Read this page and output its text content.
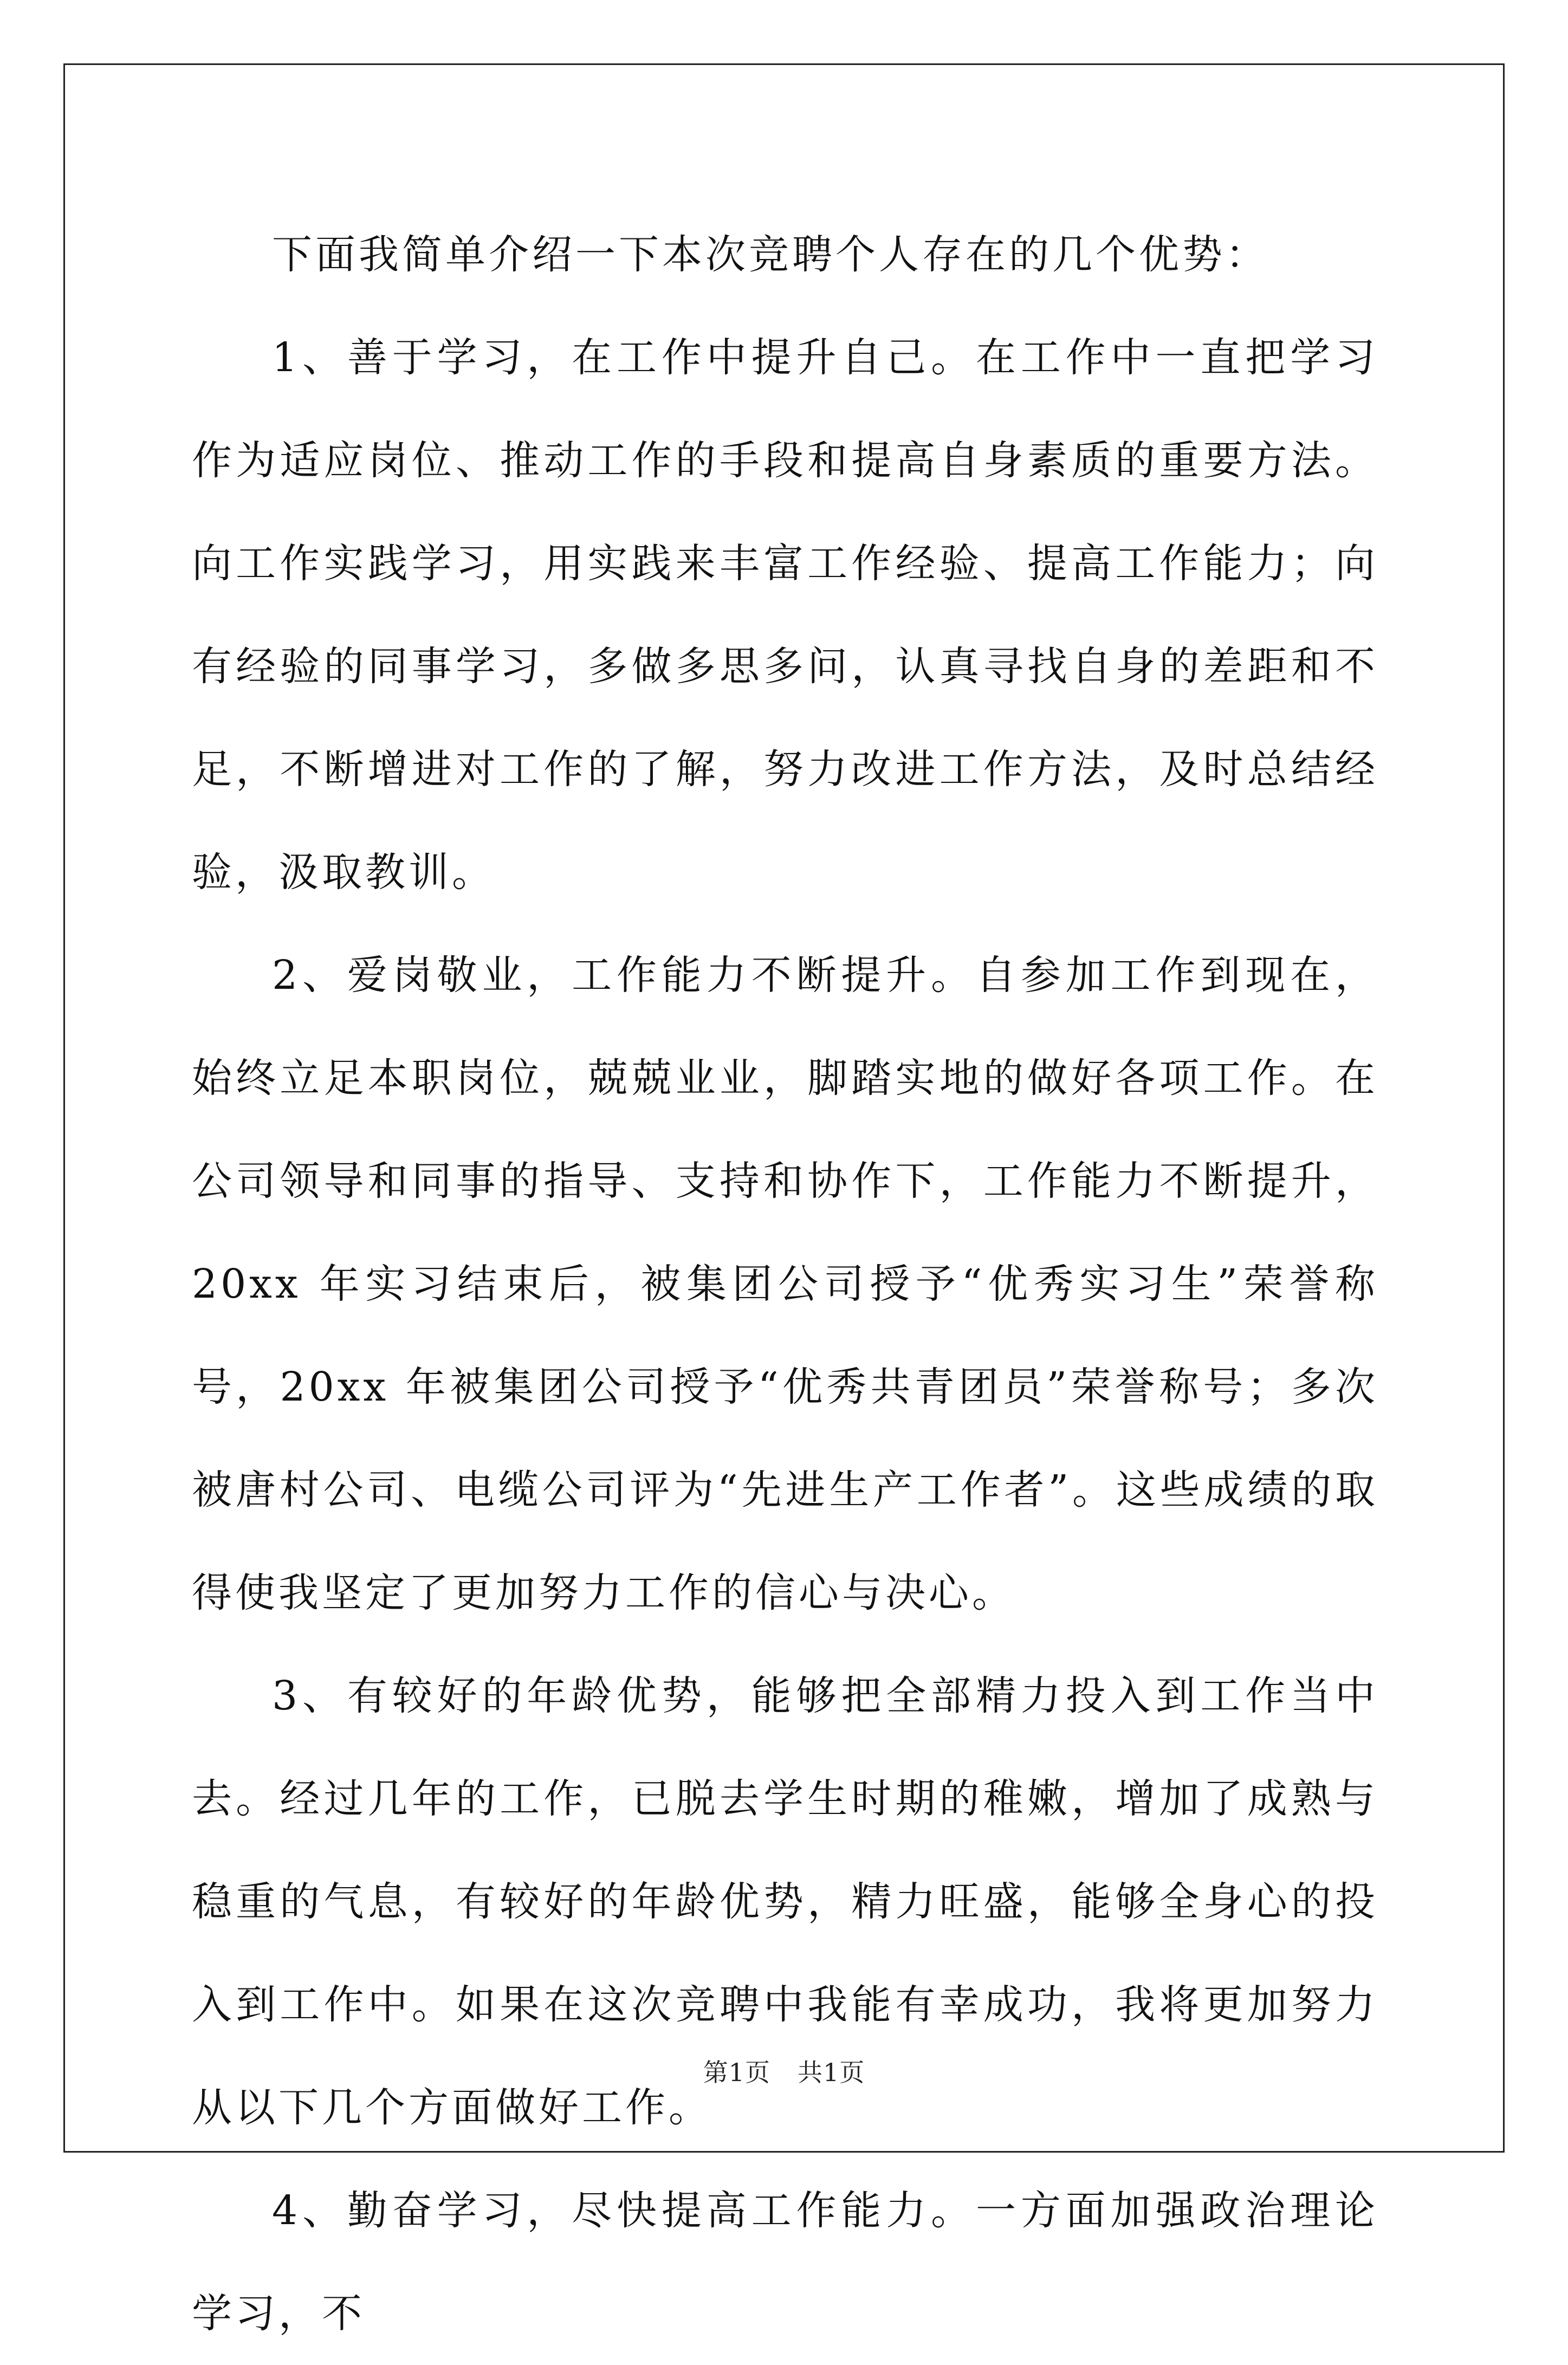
下面我简单介绍一下本次竞聘个人存在的几个优势：

1、善于学习，在工作中提升自己。在工作中一直把学习作为适应岗位、推动工作的手段和提高自身素质的重要方法。向工作实践学习，用实践来丰富工作经验、提高工作能力；向有经验的同事学习，多做多思多问，认真寻找自身的差距和不足，不断增进对工作的了解，努力改进工作方法，及时总结经验，汲取教训。

2、爱岗敬业，工作能力不断提升。自参加工作到现在，始终立足本职岗位，兢兢业业，脚踏实地的做好各项工作。在公司领导和同事的指导、支持和协作下，工作能力不断提升，20xx 年实习结束后，被集团公司授予“优秀实习生”荣誉称号，20xx 年被集团公司授予“优秀共青团员”荣誉称号；多次被唐村公司、电缆公司评为“先进生产工作者”。这些成绩的取得使我坚定了更加努力工作的信心与决心。

3、有较好的年龄优势，能够把全部精力投入到工作当中去。经过几年的工作，已脱去学生时期的稚嫩，增加了成熟与稳重的气息，有较好的年龄优势，精力旺盛，能够全身心的投入到工作中。如果在这次竞聘中我能有幸成功，我将更加努力从以下几个方面做好工作。

4、勤奋学习，尽快提高工作能力。一方面加强政治理论学习，不

第1页 共1页
